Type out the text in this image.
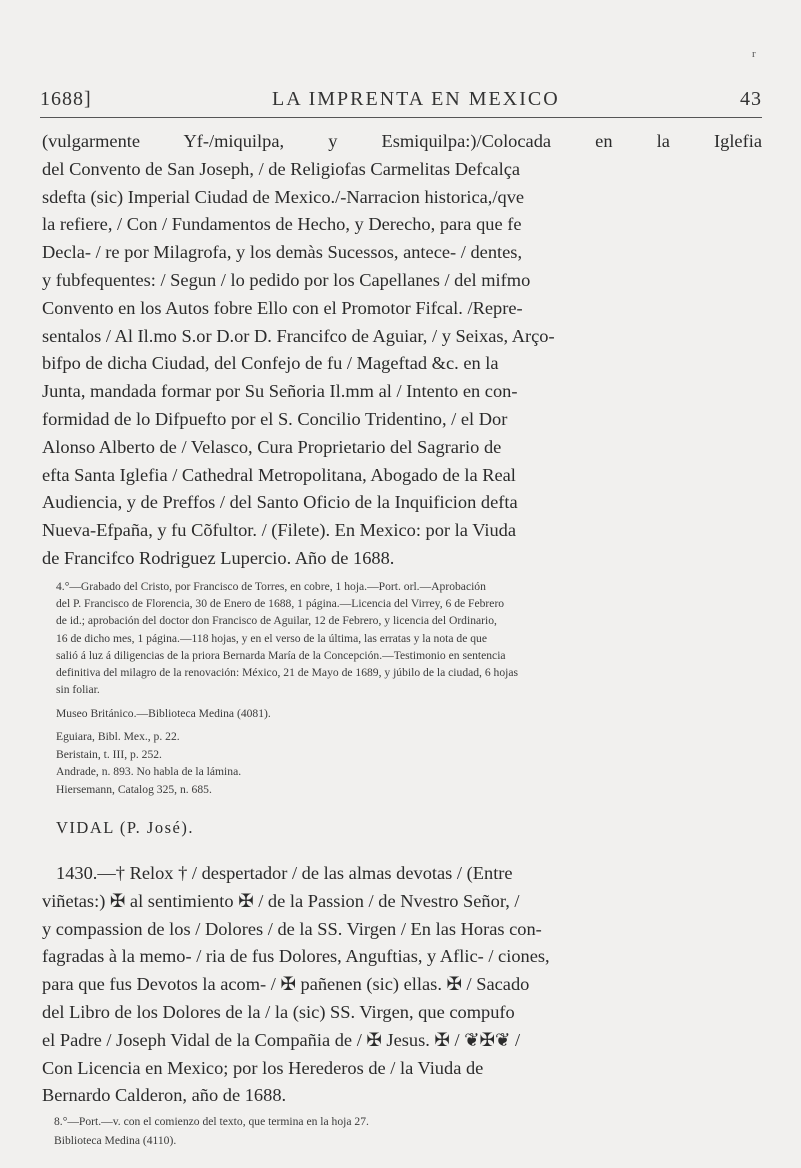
r
1688]	LA IMPRENTA EN MEXICO	43
(vulgarmente Yf-/miquilpa, y Esmiquilpa:)/Colocada en la Iglefia
del Convento de San Joseph, / de Religiofas Carmelitas Defcalça
sdefta (sic) Imperial Ciudad de Mexico./-Narracion historica,/qve
la refiere, / Con / Fundamentos de Hecho, y Derecho, para que fe
Decla- / re por Milagrofa, y los demàs Sucessos, antece- / dentes,
y fubfequentes: / Segun / lo pedido por los Capellanes / del mifmo
Convento en los Autos fobre Ello con el Promotor Fifcal. /Repre-
sentalos / Al Il.mo S.or D.or D. Francifco de Aguiar, / y Seixas, Arço-
bifpo de dicha Ciudad, del Confejo de fu / Mageftad &c. en la
Junta, mandada formar por Su Señoria Il.mm al / Intento en con-
formidad de lo Difpuefto por el S. Concilio Tridentino, / el Dor
Alonso Alberto de / Velasco, Cura Proprietario del Sagrario de
efta Santa Iglefia / Cathedral Metropolitana, Abogado de la Real
Audiencia, y de Preffos / del Santo Oficio de la Inquificion defta
Nueva-Efpaña, y fu Cõfultor. / (Filete). En Mexico: por la Viuda
de Francifco Rodriguez Lupercio. Año de 1688.
4.°—Grabado del Cristo, por Francisco de Torres, en cobre, 1 hoja.—Port. orl.—Aprobación
del P. Francisco de Florencia, 30 de Enero de 1688, 1 página.—Licencia del Virrey, 6 de Febrero
de id.; aprobación del doctor don Francisco de Aguilar, 12 de Febrero, y licencia del Ordinario,
16 de dicho mes, 1 página.—118 hojas, y en el verso de la última, las erratas y la nota de que
salió á luz á diligencias de la priora Bernarda María de la Concepción.—Testimonio en sentencia
definitiva del milagro de la renovación: México, 21 de Mayo de 1689, y júbilo de la ciudad, 6 hojas
sin foliar.
Museo Británico.—Biblioteca Medina (4081).
Eguiara, Bibl. Mex., p. 22.
Beristain, t. III, p. 252.
Andrade, n. 893. No habla de la lámina.
Hiersemann, Catalog 325, n. 685.
VIDAL (P. José).
1430.—† Relox † / despertador / de las almas devotas / (Entre
viñetas:) ✠ al sentimiento ✠ / de la Passion / de Nvestro Señor, /
y compassion de los / Dolores / de la SS. Virgen / En las Horas con-
fagradas à la memo- / ria de fus Dolores, Anguftias, y Aflic- / ciones,
para que fus Devotos la acom- / ✠ pañenen (sic) ellas. ✠ / Sacado
del Libro de los Dolores de la / la (sic) SS. Virgen, que compufo
el Padre / Joseph Vidal de la Compañia de / ✠ Jesus. ✠ / ❦✠❦ /
Con Licencia en Mexico; por los Herederos de / la Viuda de
Bernardo Calderon, año de 1688.
8.°—Port.—v. con el comienzo del texto, que termina en la hoja 27.
Biblioteca Medina (4110).
